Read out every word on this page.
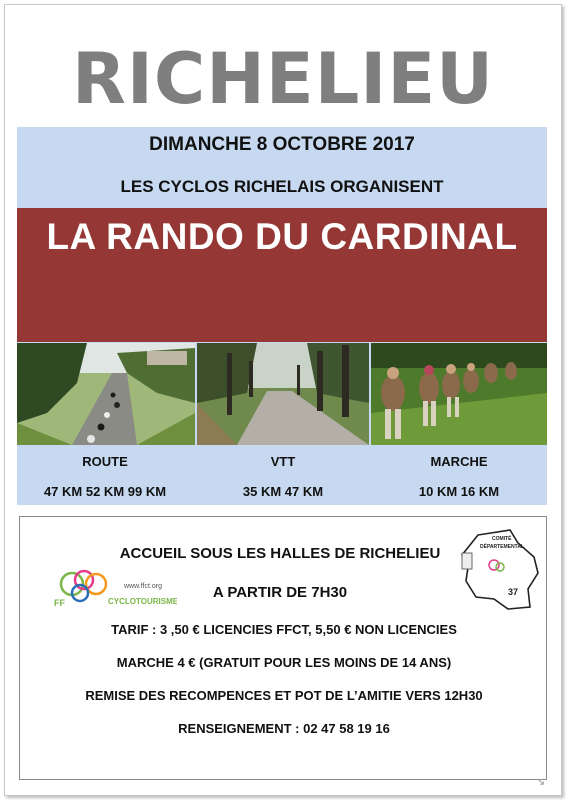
RICHELIEU
DIMANCHE 8 OCTOBRE 2017
LES CYCLOS RICHELAIS ORGANISENT
LA RANDO DU CARDINAL
ROUTE	VTT	MARCHE
47 KM 52 KM 99 KM	35 KM 47 KM	10 KM 16 KM
ACCUEIL SOUS LES HALLES DE RICHELIEU
A PARTIR DE 7H30
TARIF : 3 ,50 € LICENCIES FFCT, 5,50 € NON LICENCIES
MARCHE 4 € (GRATUIT POUR LES MOINS DE 14 ANS)
REMISE DES RECOMPENCES ET POT DE L’AMITIE VERS 12H30
RENSEIGNEMENT : 02 47 58 19 16
www.ffct.org
FF	CYCLOTOURISME
COMITÉ
DÉPARTEMENTAL
37
↘
